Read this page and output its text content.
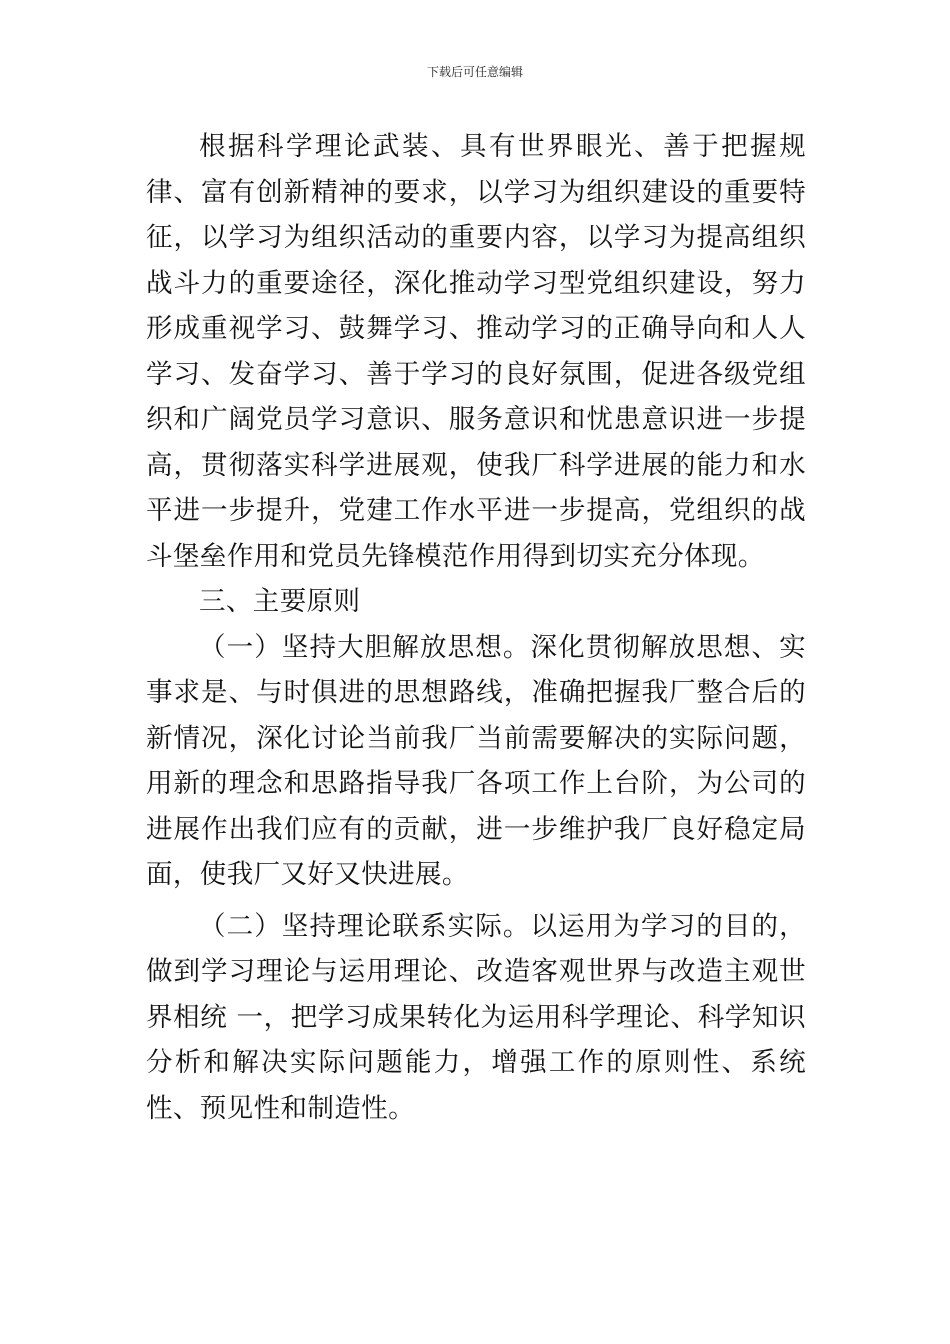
下载后可任意编辑

根据科学理论武装、具有世界眼光、善于把握规律、富有创新精神的要求，以学习为组织建设的重要特征，以学习为组织活动的重要内容，以学习为提高组织战斗力的重要途径，深化推动学习型党组织建设，努力形成重视学习、鼓舞学习、推动学习的正确导向和人人学习、发奋学习、善于学习的良好氛围，促进各级党组织和广阔党员学习意识、服务意识和忧患意识进一步提高，贯彻落实科学进展观，使我厂科学进展的能力和水平进一步提升，党建工作水平进一步提高，党组织的战斗堡垒作用和党员先锋模范作用得到切实充分体现。

三、主要原则

（一）坚持大胆解放思想。深化贯彻解放思想、实事求是、与时俱进的思想路线，准确把握我厂整合后的新情况，深化讨论当前我厂当前需要解决的实际问题，用新的理念和思路指导我厂各项工作上台阶，为公司的进展作出我们应有的贡献，进一步维护我厂良好稳定局面，使我厂又好又快进展。

（二）坚持理论联系实际。以运用为学习的目的，做到学习理论与运用理论、改造客观世界与改造主观世界相统 一，把学习成果转化为运用科学理论、科学知识分析和解决实际问题能力，增强工作的原则性、系统性、预见性和制造性。
